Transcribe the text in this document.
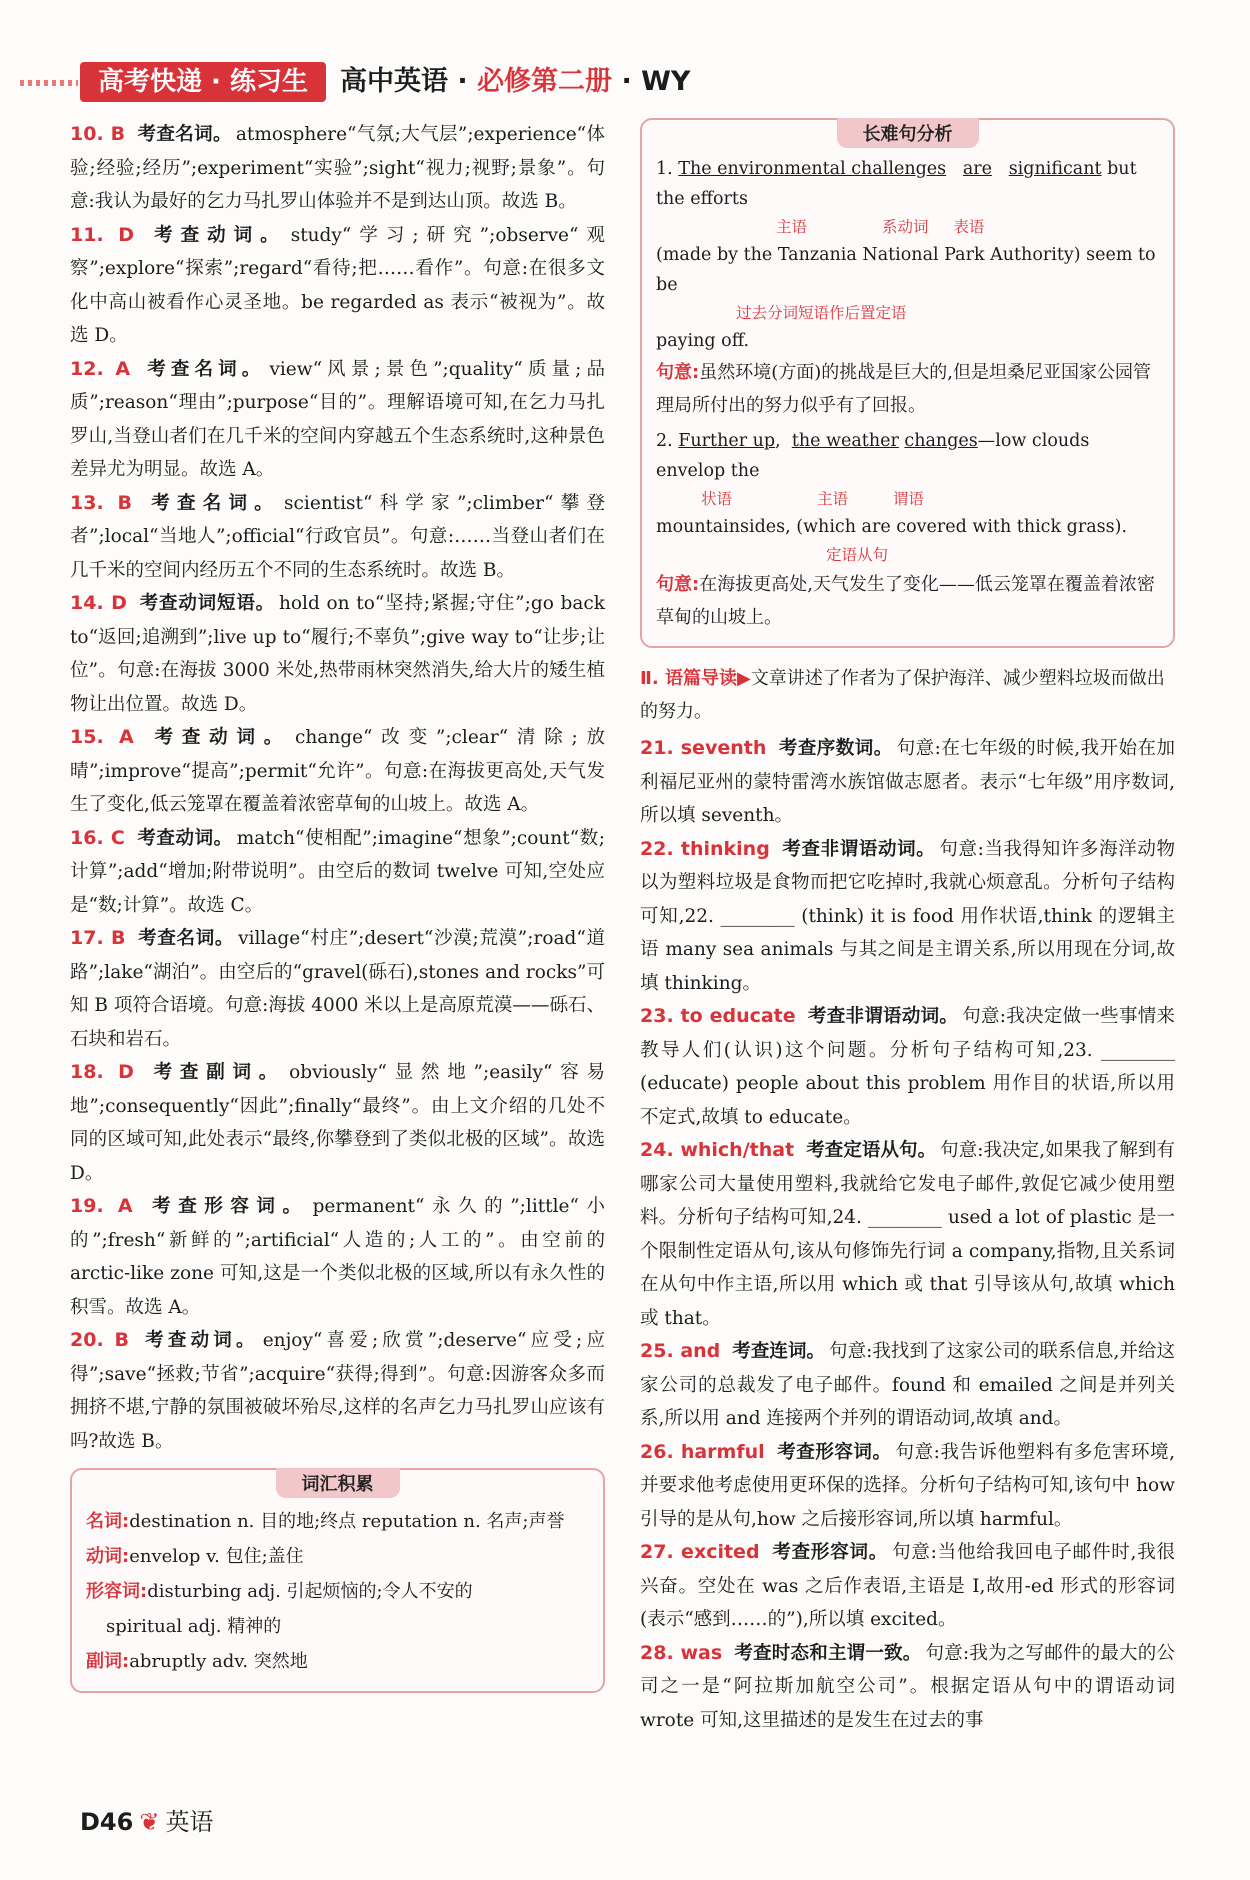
高考快递 · 练习生	高中英语 · 必修第二册 · WY
10. B 考查名词。 atmosphere“气氛;大气层”;experience“体验;经验;经历”;experiment“实验”;sight“视力;视野;景象”。句意:我认为最好的乞力马扎罗山体验并不是到达山顶。故选 B。
11. D 考查动词。 study“学习;研究”;observe“观察”;explore“探索”;regard“看待;把……看作”。句意:在很多文化中高山被看作心灵圣地。be regarded as 表示“被视为”。故选 D。
12. A 考查名词。 view“风景;景色”;quality“质量;品质”;reason“理由”;purpose“目的”。理解语境可知,在乞力马扎罗山,当登山者们在几千米的空间内穿越五个生态系统时,这种景色差异尤为明显。故选 A。
13. B 考查名词。 scientist“科学家”;climber“攀登者”;local“当地人”;official“行政官员”。句意:……当登山者们在几千米的空间内经历五个不同的生态系统时。故选 B。
14. D 考查动词短语。 hold on to“坚持;紧握;守住”;go back to“返回;追溯到”;live up to“履行;不辜负”;give way to“让步;让位”。句意:在海拔 3000 米处,热带雨林突然消失,给大片的矮生植物让出位置。故选 D。
15. A 考查动词。 change“改变”;clear“清除;放晴”;improve“提高”;permit“允许”。句意:在海拔更高处,天气发生了变化,低云笼罩在覆盖着浓密草甸的山坡上。故选 A。
16. C 考查动词。 match“使相配”;imagine“想象”;count“数;计算”;add“增加;附带说明”。由空后的数词 twelve 可知,空处应是“数;计算”。故选 C。
17. B 考查名词。 village“村庄”;desert“沙漠;荒漠”;road“道路”;lake“湖泊”。由空后的“gravel(砾石),stones and rocks”可知 B 项符合语境。句意:海拔 4000 米以上是高原荒漠——砾石、石块和岩石。
18. D 考查副词。 obviously“显然地”;easily“容易地”;consequently“因此”;finally“最终”。由上文介绍的几处不同的区域可知,此处表示“最终,你攀登到了类似北极的区域”。故选 D。
19. A 考查形容词。 permanent“永久的”;little“小的”;fresh“新鲜的”;artificial“人造的;人工的”。由空前的 arctic-like zone 可知,这是一个类似北极的区域,所以有永久性的积雪。故选 A。
20. B 考查动词。 enjoy“喜爱;欣赏”;deserve“应受;应得”;save“拯救;节省”;acquire“获得;得到”。句意:因游客众多而拥挤不堪,宁静的氛围被破坏殆尽,这样的名声乞力马扎罗山应该有吗?故选 B。
词汇积累
名词:destination n. 目的地;终点 reputation n. 名声;声誉
动词:envelop v. 包住;盖住
形容词:disturbing adj. 引起烦恼的;令人不安的
spiritual adj. 精神的
副词:abruptly adv. 突然地
长难句分析
1. The environmental challenges are significant but the efforts
主语	系动词 表语
(made by the Tanzania National Park Authority) seem to be
过去分词短语作后置定语
paying off.
句意:虽然环境(方面)的挑战是巨大的,但是坦桑尼亚国家公园管理局所付出的努力似乎有了回报。
2. Further up,  the weather changes—low clouds envelop the
状语	主语	谓语
mountainsides, (which are covered with thick grass).
定语从句
句意:在海拔更高处,天气发生了变化——低云笼罩在覆盖着浓密草甸的山坡上。
Ⅱ. 语篇导读▶文章讲述了作者为了保护海洋、减少塑料垃圾而做出的努力。
21. seventh 考查序数词。 句意:在七年级的时候,我开始在加利福尼亚州的蒙特雷湾水族馆做志愿者。表示“七年级”用序数词,所以填 seventh。
22. thinking 考查非谓语动词。 句意:当我得知许多海洋动物以为塑料垃圾是食物而把它吃掉时,我就心烦意乱。分析句子结构可知,22. ________ (think) it is food 用作状语,think 的逻辑主语 many sea animals 与其之间是主谓关系,所以用现在分词,故填 thinking。
23. to educate 考查非谓语动词。 句意:我决定做一些事情来教导人们(认识)这个问题。分析句子结构可知,23. ________ (educate) people about this problem 用作目的状语,所以用不定式,故填 to educate。
24. which/that 考查定语从句。 句意:我决定,如果我了解到有哪家公司大量使用塑料,我就给它发电子邮件,敦促它减少使用塑料。分析句子结构可知,24. ________ used a lot of plastic 是一个限制性定语从句,该从句修饰先行词 a company,指物,且关系词在从句中作主语,所以用 which 或 that 引导该从句,故填 which 或 that。
25. and 考查连词。 句意:我找到了这家公司的联系信息,并给这家公司的总裁发了电子邮件。found 和 emailed 之间是并列关系,所以用 and 连接两个并列的谓语动词,故填 and。
26. harmful 考查形容词。 句意:我告诉他塑料有多危害环境,并要求他考虑使用更环保的选择。分析句子结构可知,该句中 how 引导的是从句,how 之后接形容词,所以填 harmful。
27. excited 考查形容词。 句意:当他给我回电子邮件时,我很兴奋。空处在 was 之后作表语,主语是 I,故用-ed 形式的形容词(表示“感到……的”),所以填 excited。
28. was 考查时态和主谓一致。 句意:我为之写邮件的最大的公司之一是“阿拉斯加航空公司”。根据定语从句中的谓语动词 wrote 可知,这里描述的是发生在过去的事
D46 ❦ 英语
